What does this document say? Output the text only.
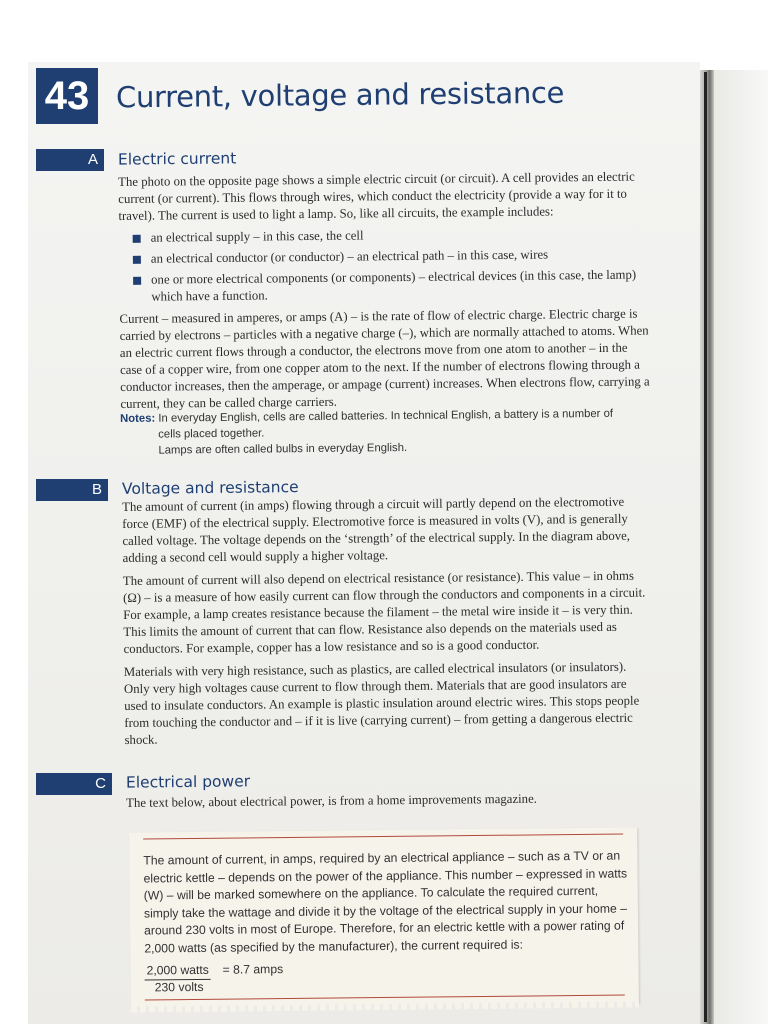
43 Current, voltage and resistance
A	Electric current

The photo on the opposite page shows a simple electric circuit (or circuit). A cell provides an electric current (or current). This flows through wires, which conduct the electricity (provide a way for it to travel). The current is used to light a lamp. So, like all circuits, the example includes:

an electrical supply – in this case, the cell
an electrical conductor (or conductor) – an electrical path – in this case, wires
one or more electrical components (or components) – electrical devices (in this case, the lamp) which have a function.

Current – measured in amperes, or amps (A) – is the rate of flow of electric charge. Electric charge is carried by electrons – particles with a negative charge (–), which are normally attached to atoms. When an electric current flows through a conductor, the electrons move from one atom to another – in the case of a copper wire, from one copper atom to the next. If the number of electrons flowing through a conductor increases, then the amperage, or ampage (current) increases. When electrons flow, carrying a current, they can be called charge carriers.

Notes: In everyday English, cells are called batteries. In technical English, a battery is a number of
cells placed together.
Lamps are often called bulbs in everyday English.
B	Voltage and resistance

The amount of current (in amps) flowing through a circuit will partly depend on the electromotive force (EMF) of the electrical supply. Electromotive force is measured in volts (V), and is generally called voltage. The voltage depends on the ‘strength’ of the electrical supply. In the diagram above, adding a second cell would supply a higher voltage.

The amount of current will also depend on electrical resistance (or resistance). This value – in ohms (Ω) – is a measure of how easily current can flow through the conductors and components in a circuit. For example, a lamp creates resistance because the filament – the metal wire inside it – is very thin. This limits the amount of current that can flow. Resistance also depends on the materials used as conductors. For example, copper has a low resistance and so is a good conductor.

Materials with very high resistance, such as plastics, are called electrical insulators (or insulators). Only very high voltages cause current to flow through them. Materials that are good insulators are used to insulate conductors. An example is plastic insulation around electric wires. This stops people from touching the conductor and – if it is live (carrying current) – from getting a dangerous electric shock.

C	Electrical power
The text below, about electrical power, is from a home improvements magazine.
The amount of current, in amps, required by an electrical appliance – such as a TV or an electric kettle – depends on the power of the appliance. This number – expressed in watts (W) – will be marked somewhere on the appliance. To calculate the required current, simply take the wattage and divide it by the voltage of the electrical supply in your home – around 230 volts in most of Europe. Therefore, for an electric kettle with a power rating of 2,000 watts (as specified by the manufacturer), the current required is:
2,000 watts = 8.7 amps
230 volts
